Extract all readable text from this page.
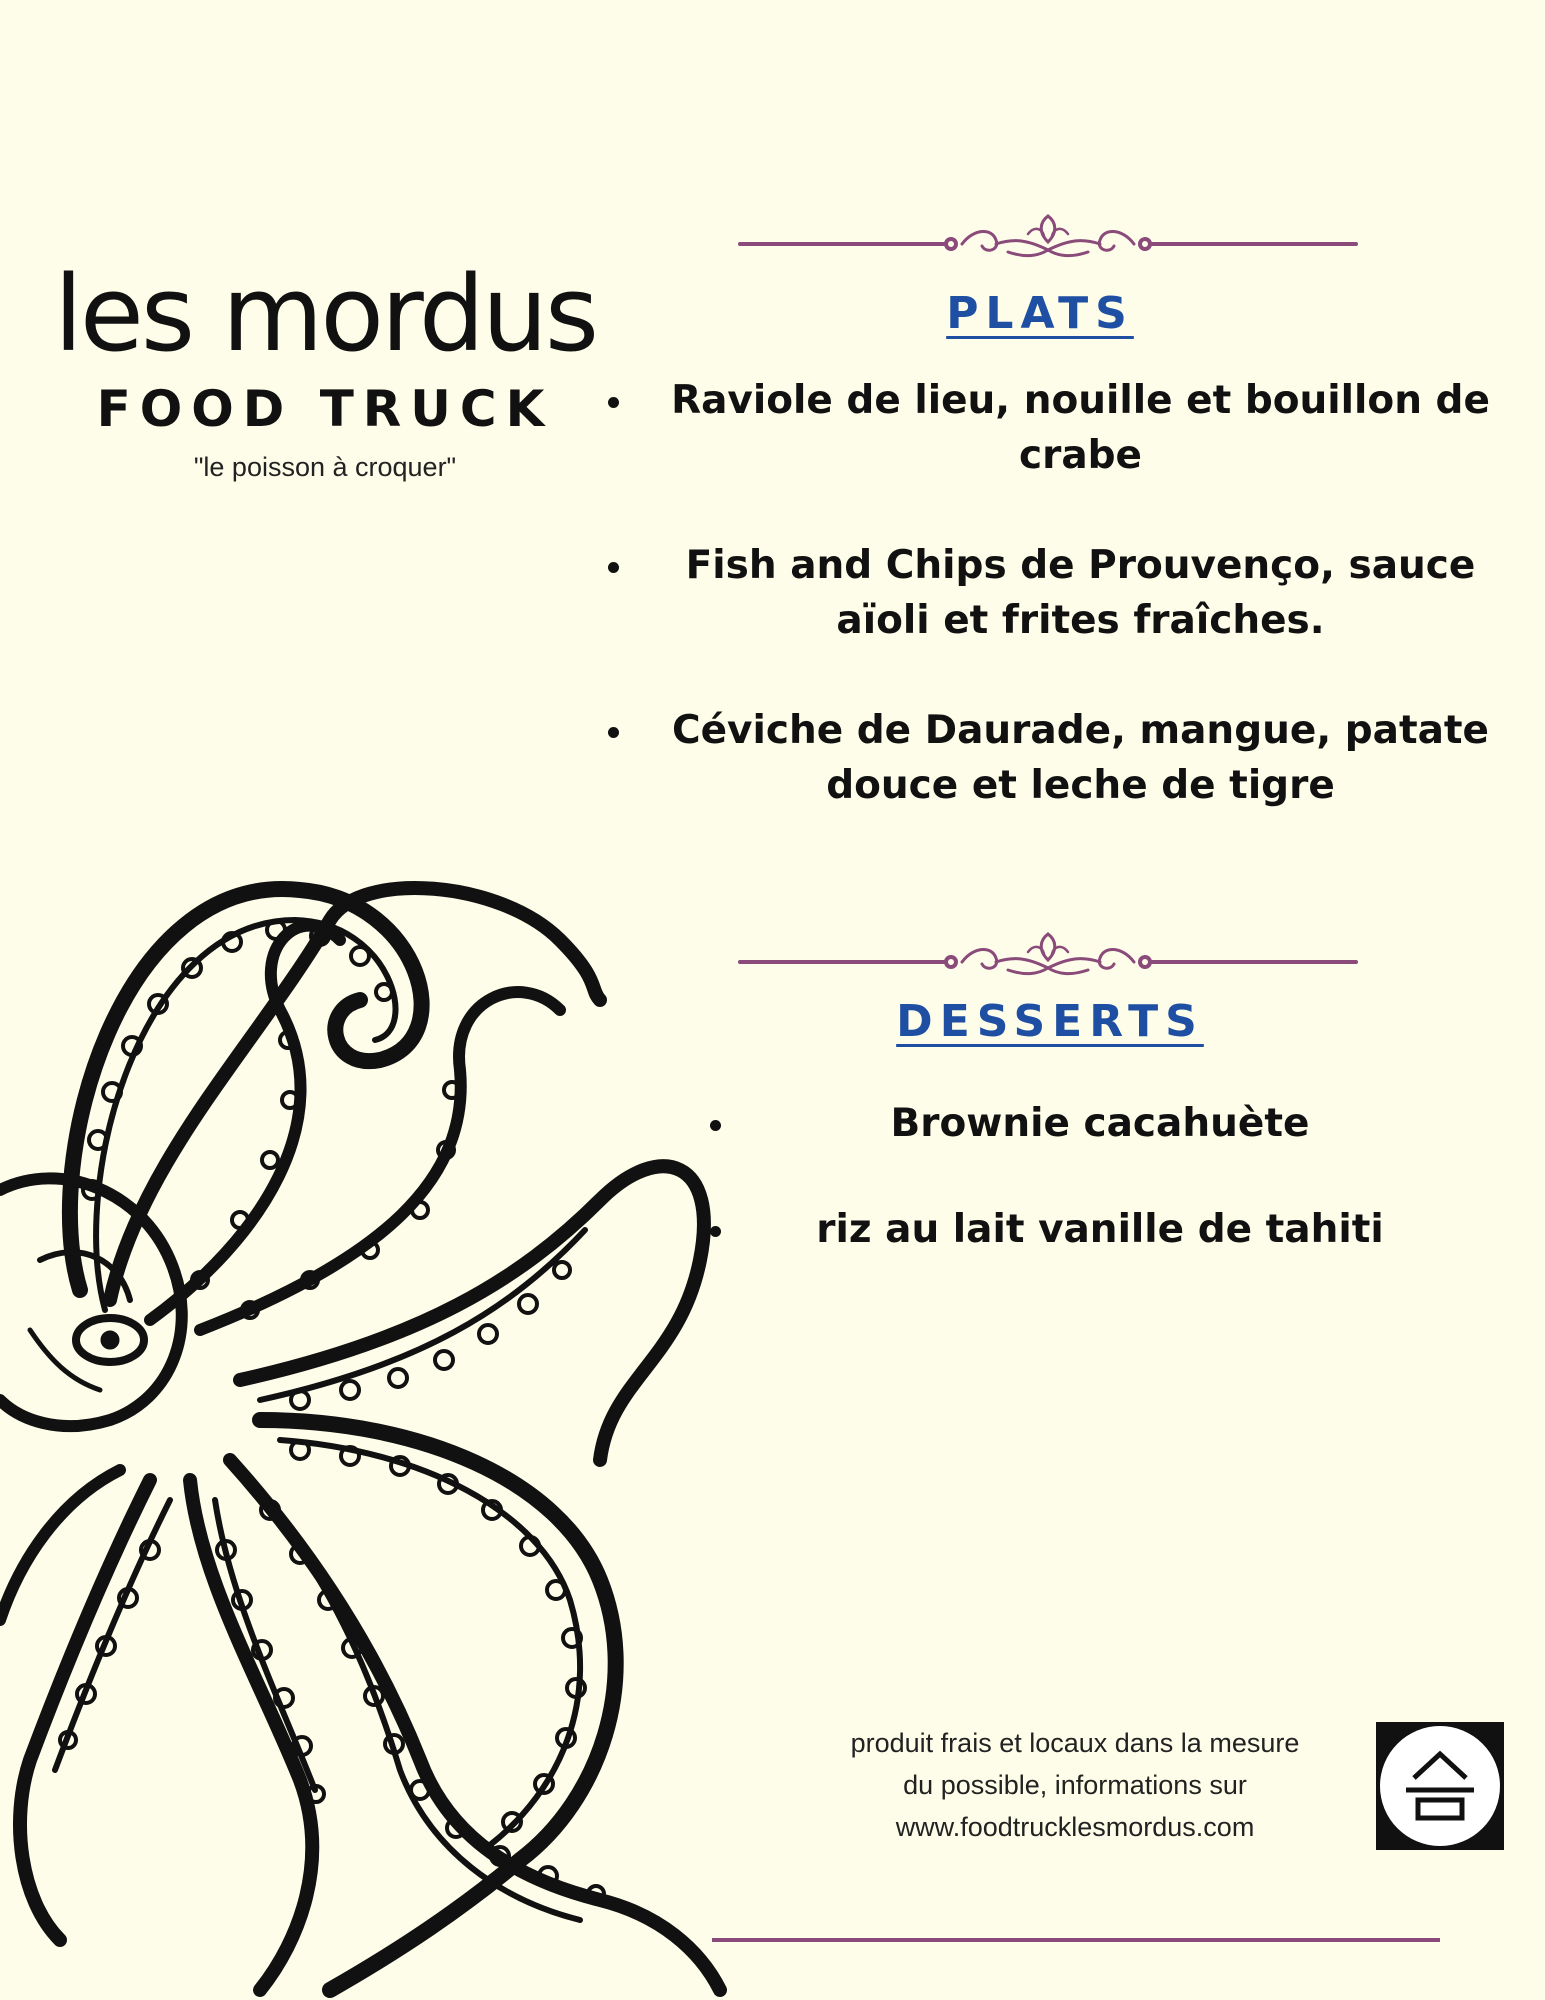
les mordus
FOOD TRUCK
"le poisson à croquer"
PLATS
Raviole de lieu, nouille et bouillon de crabe
Fish and Chips de Prouvenço, sauce aïoli et frites fraîches.
Céviche de Daurade, mangue, patate douce et leche de tigre
DESSERTS
Brownie cacahuète
riz au lait vanille de tahiti
produit frais et locaux dans la mesure
du possible, informations sur
www.foodtrucklesmordus.com
